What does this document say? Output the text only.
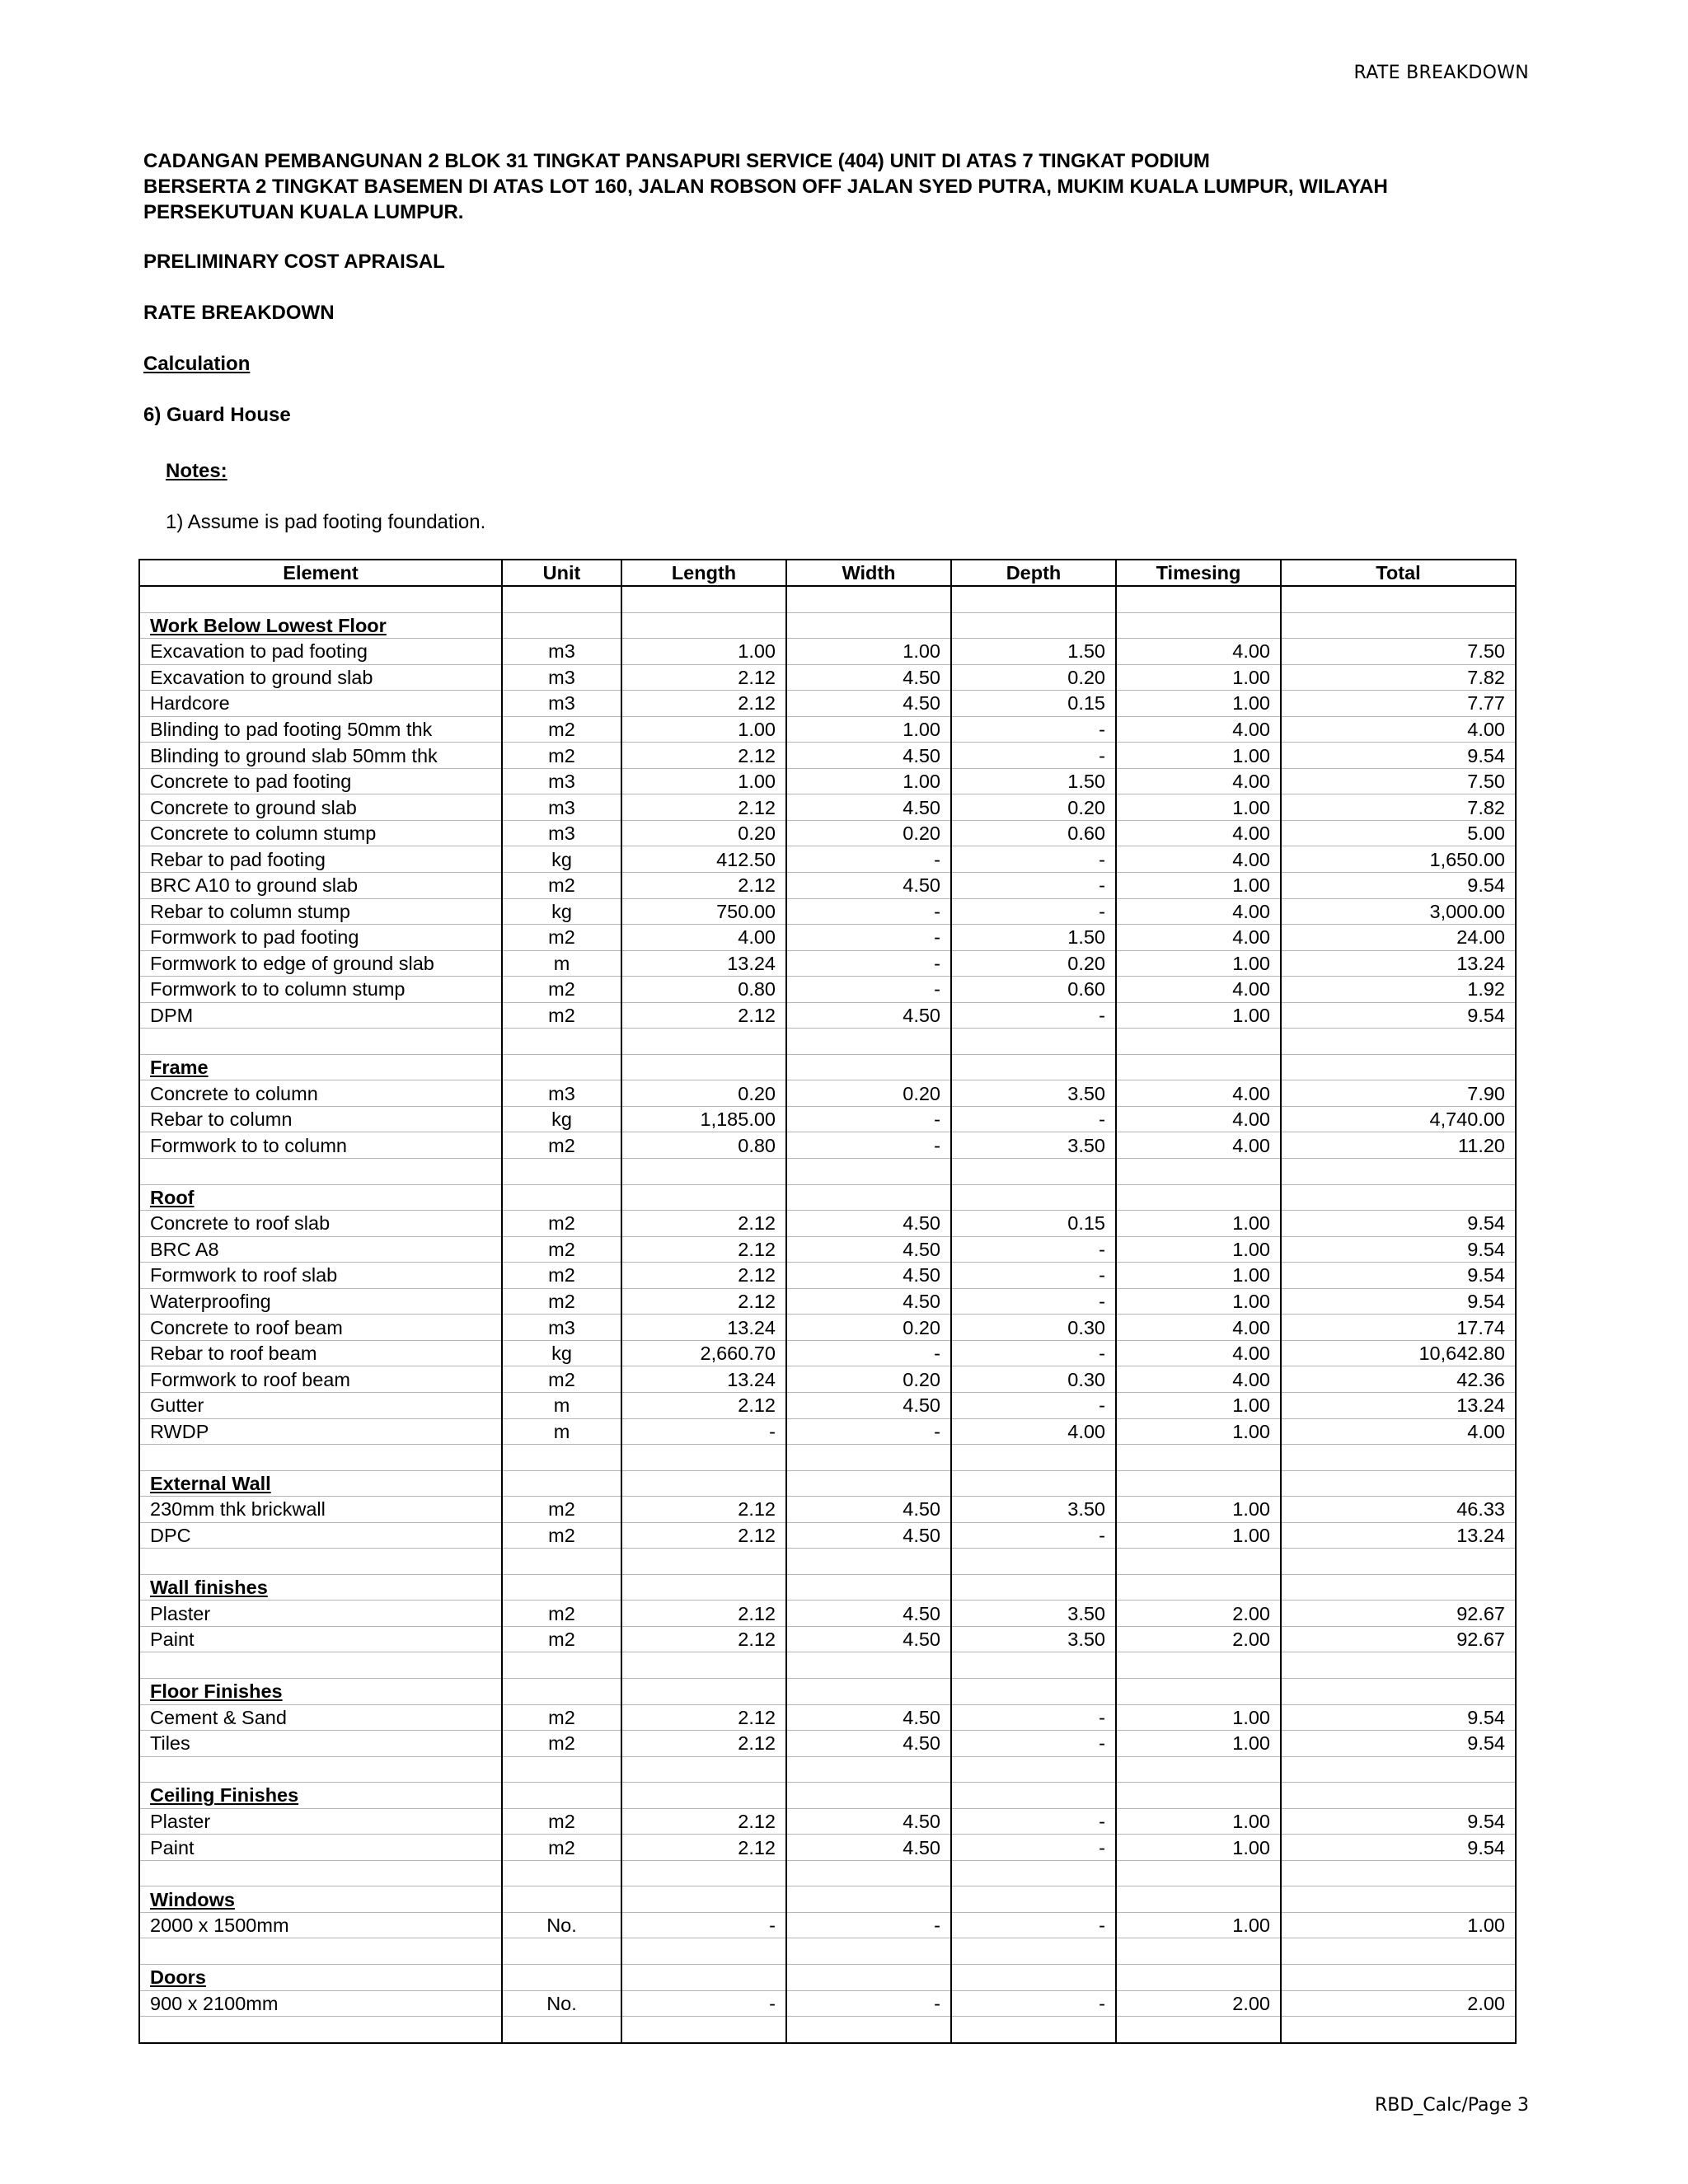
RATE BREAKDOWN
CADANGAN PEMBANGUNAN 2 BLOK 31 TINGKAT PANSAPURI SERVICE (404) UNIT DI ATAS 7 TINGKAT PODIUM
BERSERTA 2 TINGKAT BASEMEN DI ATAS LOT 160, JALAN ROBSON OFF JALAN SYED PUTRA, MUKIM KUALA LUMPUR, WILAYAH
PERSEKUTUAN KUALA LUMPUR.
PRELIMINARY COST APRAISAL
RATE BREAKDOWN
Calculation
6) Guard House
Notes:
1) Assume is pad footing foundation.
Element	Unit	Length	Width	Depth	Timesing	Total

Work Below Lowest Floor						
Excavation to pad footing	m3	1.00	1.00	1.50	4.00	7.50
Excavation to ground slab	m3	2.12	4.50	0.20	1.00	7.82
Hardcore	m3	2.12	4.50	0.15	1.00	7.77
Blinding to pad footing 50mm thk	m2	1.00	1.00	-	4.00	4.00
Blinding to ground slab 50mm thk	m2	2.12	4.50	-	1.00	9.54
Concrete to pad footing	m3	1.00	1.00	1.50	4.00	7.50
Concrete to ground slab	m3	2.12	4.50	0.20	1.00	7.82
Concrete to column stump	m3	0.20	0.20	0.60	4.00	5.00
Rebar to pad footing	kg	412.50	-	-	4.00	1,650.00
BRC A10 to ground slab	m2	2.12	4.50	-	1.00	9.54
Rebar to column stump	kg	750.00	-	-	4.00	3,000.00
Formwork to pad footing	m2	4.00	-	1.50	4.00	24.00
Formwork to edge of ground slab	m	13.24	-	0.20	1.00	13.24
Formwork to to column stump	m2	0.80	-	0.60	4.00	1.92
DPM	m2	2.12	4.50	-	1.00	9.54

Frame						
Concrete to column	m3	0.20	0.20	3.50	4.00	7.90
Rebar to column	kg	1,185.00	-	-	4.00	4,740.00
Formwork to to column	m2	0.80	-	3.50	4.00	11.20

Roof						
Concrete to roof slab	m2	2.12	4.50	0.15	1.00	9.54
BRC A8	m2	2.12	4.50	-	1.00	9.54
Formwork to roof slab	m2	2.12	4.50	-	1.00	9.54
Waterproofing	m2	2.12	4.50	-	1.00	9.54
Concrete to roof beam	m3	13.24	0.20	0.30	4.00	17.74
Rebar to roof beam	kg	2,660.70	-	-	4.00	10,642.80
Formwork to roof beam	m2	13.24	0.20	0.30	4.00	42.36
Gutter	m	2.12	4.50	-	1.00	13.24
RWDP	m	-	-	4.00	1.00	4.00

External Wall						
230mm thk brickwall	m2	2.12	4.50	3.50	1.00	46.33
DPC	m2	2.12	4.50	-	1.00	13.24

Wall finishes						
Plaster	m2	2.12	4.50	3.50	2.00	92.67
Paint	m2	2.12	4.50	3.50	2.00	92.67

Floor Finishes						
Cement & Sand	m2	2.12	4.50	-	1.00	9.54
Tiles	m2	2.12	4.50	-	1.00	9.54

Ceiling Finishes						
Plaster	m2	2.12	4.50	-	1.00	9.54
Paint	m2	2.12	4.50	-	1.00	9.54

Windows						
2000 x 1500mm	No.	-	-	-	1.00	1.00

Doors						
900 x 2100mm	No.	-	-	-	2.00	2.00

RBD_Calc/Page 3
